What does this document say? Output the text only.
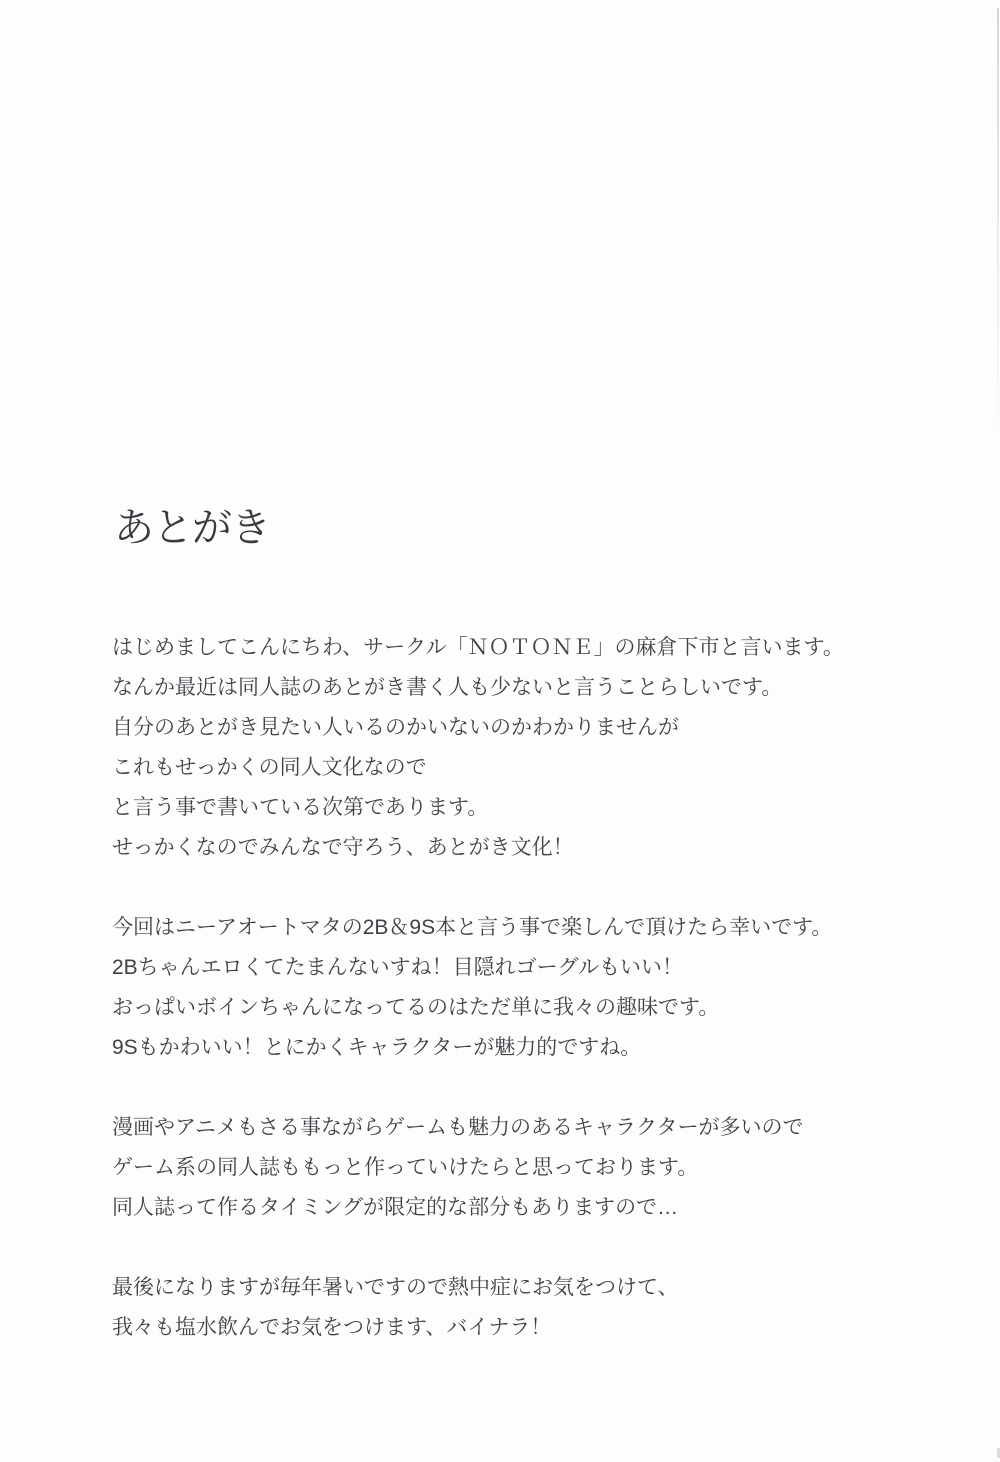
あとがき

はじめましてこんにちわ、サークル「ＮＯＴＯＮＥ」の麻倉下市と言います。
なんか最近は同人誌のあとがき書く人も少ないと言うことらしいです。
自分のあとがき見たい人いるのかいないのかわかりませんが
これもせっかくの同人文化なので
と言う事で書いている次第であります。
せっかくなのでみんなで守ろう、あとがき文化！

今回はニーアオートマタの2B＆9S本と言う事で楽しんで頂けたら幸いです。
2Bちゃんエロくてたまんないすね！目隠れゴーグルもいい！
おっぱいボインちゃんになってるのはただ単に我々の趣味です。
9Sもかわいい！とにかくキャラクターが魅力的ですね。

漫画やアニメもさる事ながらゲームも魅力のあるキャラクターが多いので
ゲーム系の同人誌ももっと作っていけたらと思っております。
同人誌って作るタイミングが限定的な部分もありますので…

最後になりますが毎年暑いですので熱中症にお気をつけて、
我々も塩水飲んでお気をつけます、バイナラ！
